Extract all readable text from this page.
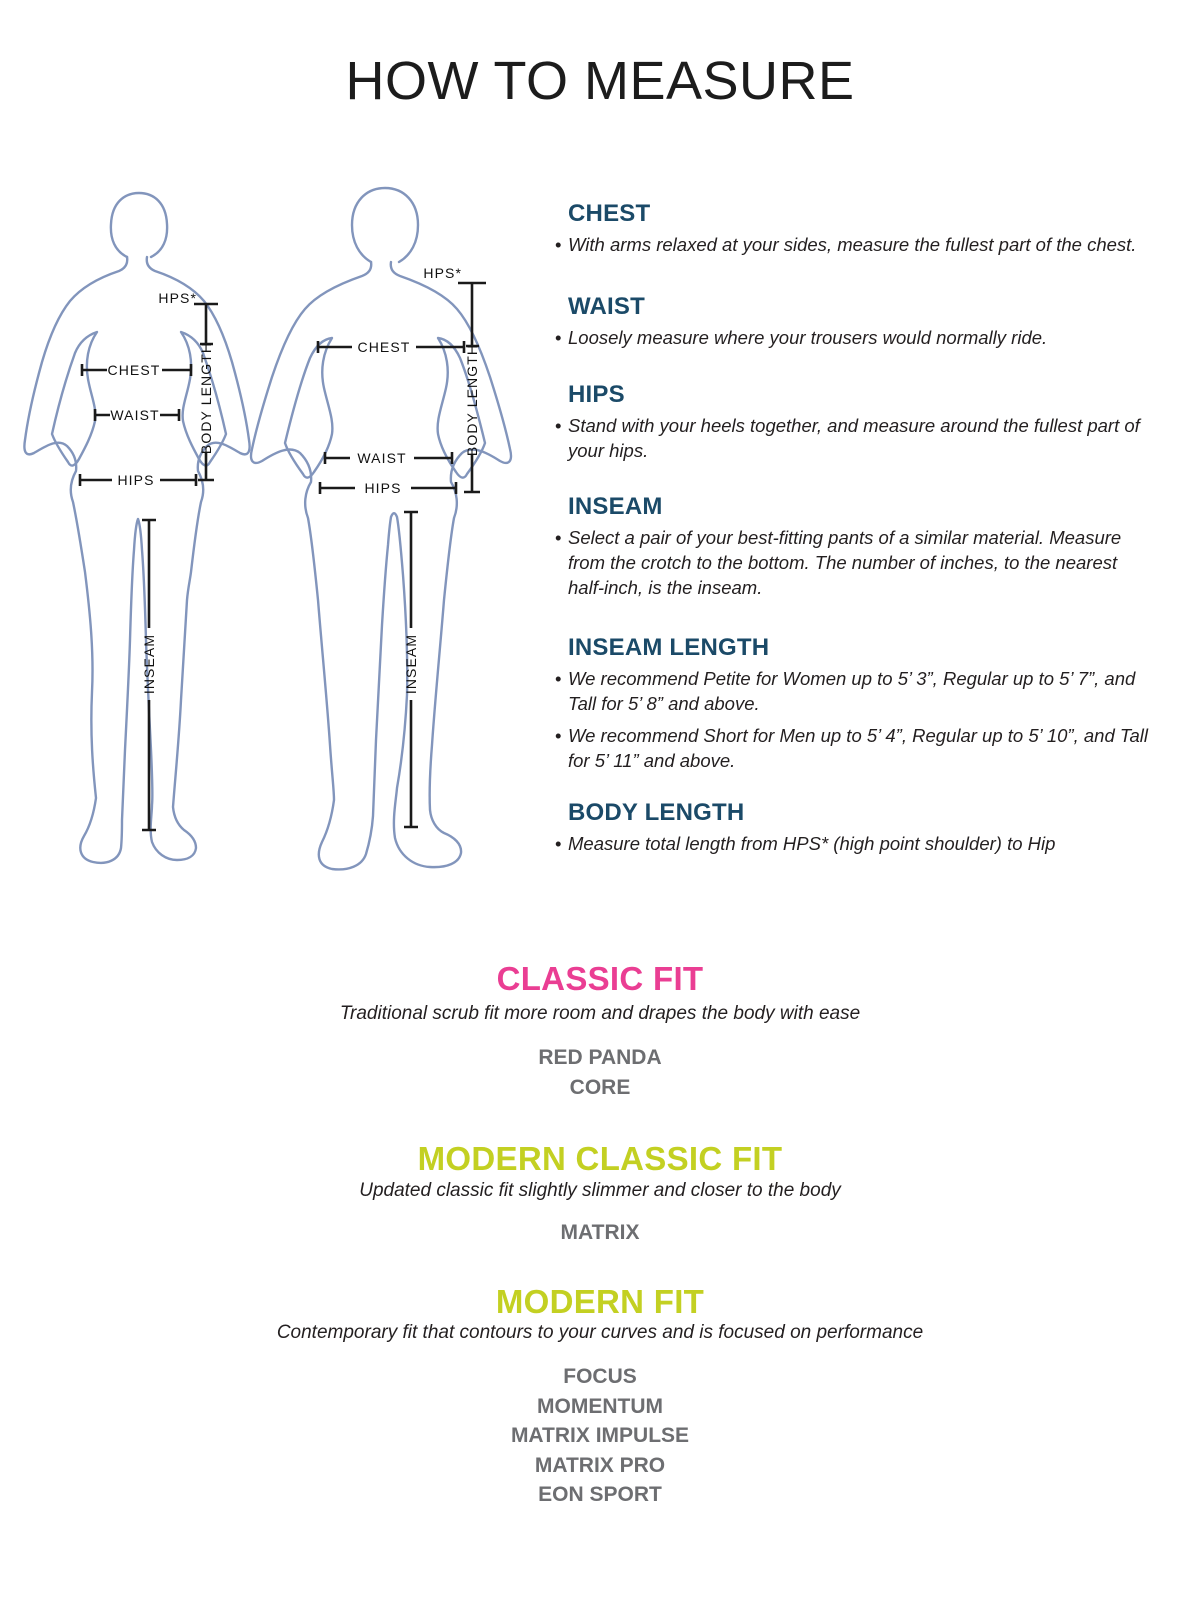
HOW TO MEASURE
HPS*
BODY LENGTH
CHEST
WAIST
HIPS
INSEAM
HPS*
BODY LENGTH
CHEST
WAIST
HIPS
INSEAM
CHEST
• With arms relaxed at your sides, measure the fullest part of the chest.
WAIST
• Loosely measure where your trousers would normally ride.
HIPS
• Stand with your heels together, and measure around the fullest part of your hips.
INSEAM
• Select a pair of your best-fitting pants of a similar material. Measure from the crotch to the bottom. The number of inches, to the nearest half-inch, is the inseam.
INSEAM LENGTH
• We recommend Petite for Women up to 5’ 3”, Regular up to 5’ 7”, and Tall for 5’ 8” and above.
• We recommend Short for Men up to 5’ 4”, Regular up to 5’ 10”, and Tall for 5’ 11” and above.
BODY LENGTH
• Measure total length from HPS* (high point shoulder) to Hip
CLASSIC FIT

Traditional scrub fit more room and drapes the body with ease

RED PANDA
CORE
MODERN CLASSIC FIT

Updated classic fit slightly slimmer and closer to the body

MATRIX
MODERN FIT

Contemporary fit that contours to your curves and is focused on performance

FOCUS
MOMENTUM
MATRIX IMPULSE
MATRIX PRO
EON SPORT
